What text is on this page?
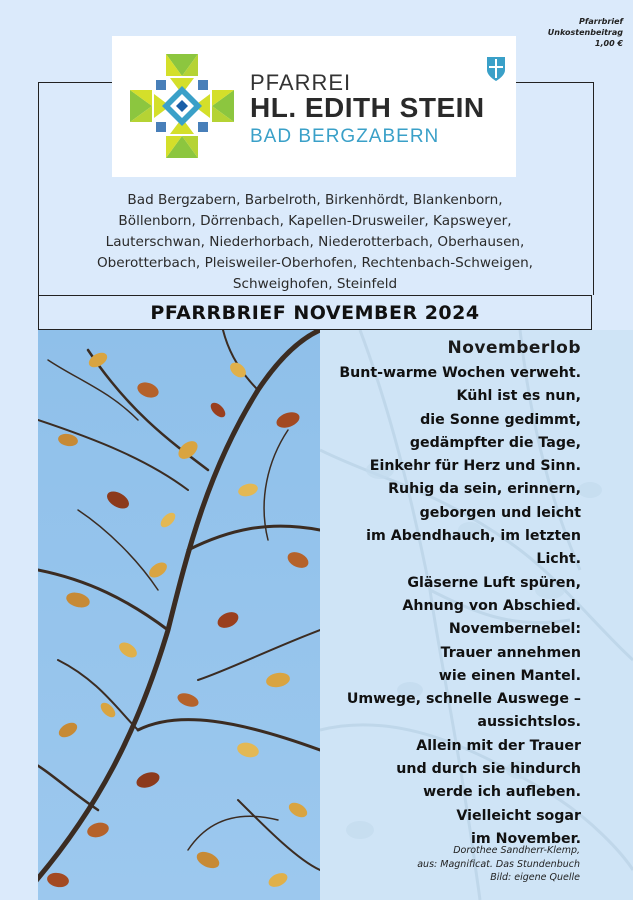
Pfarrbrief
Unkostenbeitrag
1,00 €
PFARREI
HL. EDITH STEIN
BAD BERGZABERN
Bad Bergzabern, Barbelroth, Birkenhördt, Blankenborn,
Böllenborn, Dörrenbach, Kapellen-Drusweiler, Kapsweyer,
Lauterschwan, Niederhorbach, Niederotterbach, Oberhausen,
Oberotterbach, Pleisweiler-Oberhofen, Rechtenbach-Schweigen,
Schweighofen, Steinfeld
PFARRBRIEF NOVEMBER 2024
Novemberlob
Bunt-warme Wochen verweht.
Kühl ist es nun,
die Sonne gedimmt,
gedämpfter die Tage,
Einkehr für Herz und Sinn.
Ruhig da sein, erinnern,
geborgen und leicht
im Abendhauch, im letzten
Licht.
Gläserne Luft spüren,
Ahnung von Abschied.
Novembernebel:
Trauer annehmen
wie einen Mantel.
Umwege, schnelle Auswege –
aussichtslos.
Allein mit der Trauer
und durch sie hindurch
werde ich aufleben.
Vielleicht sogar
im November.
Dorothee Sandherr-Klemp,
aus: Magnificat. Das Stundenbuch
Bild: eigene Quelle
